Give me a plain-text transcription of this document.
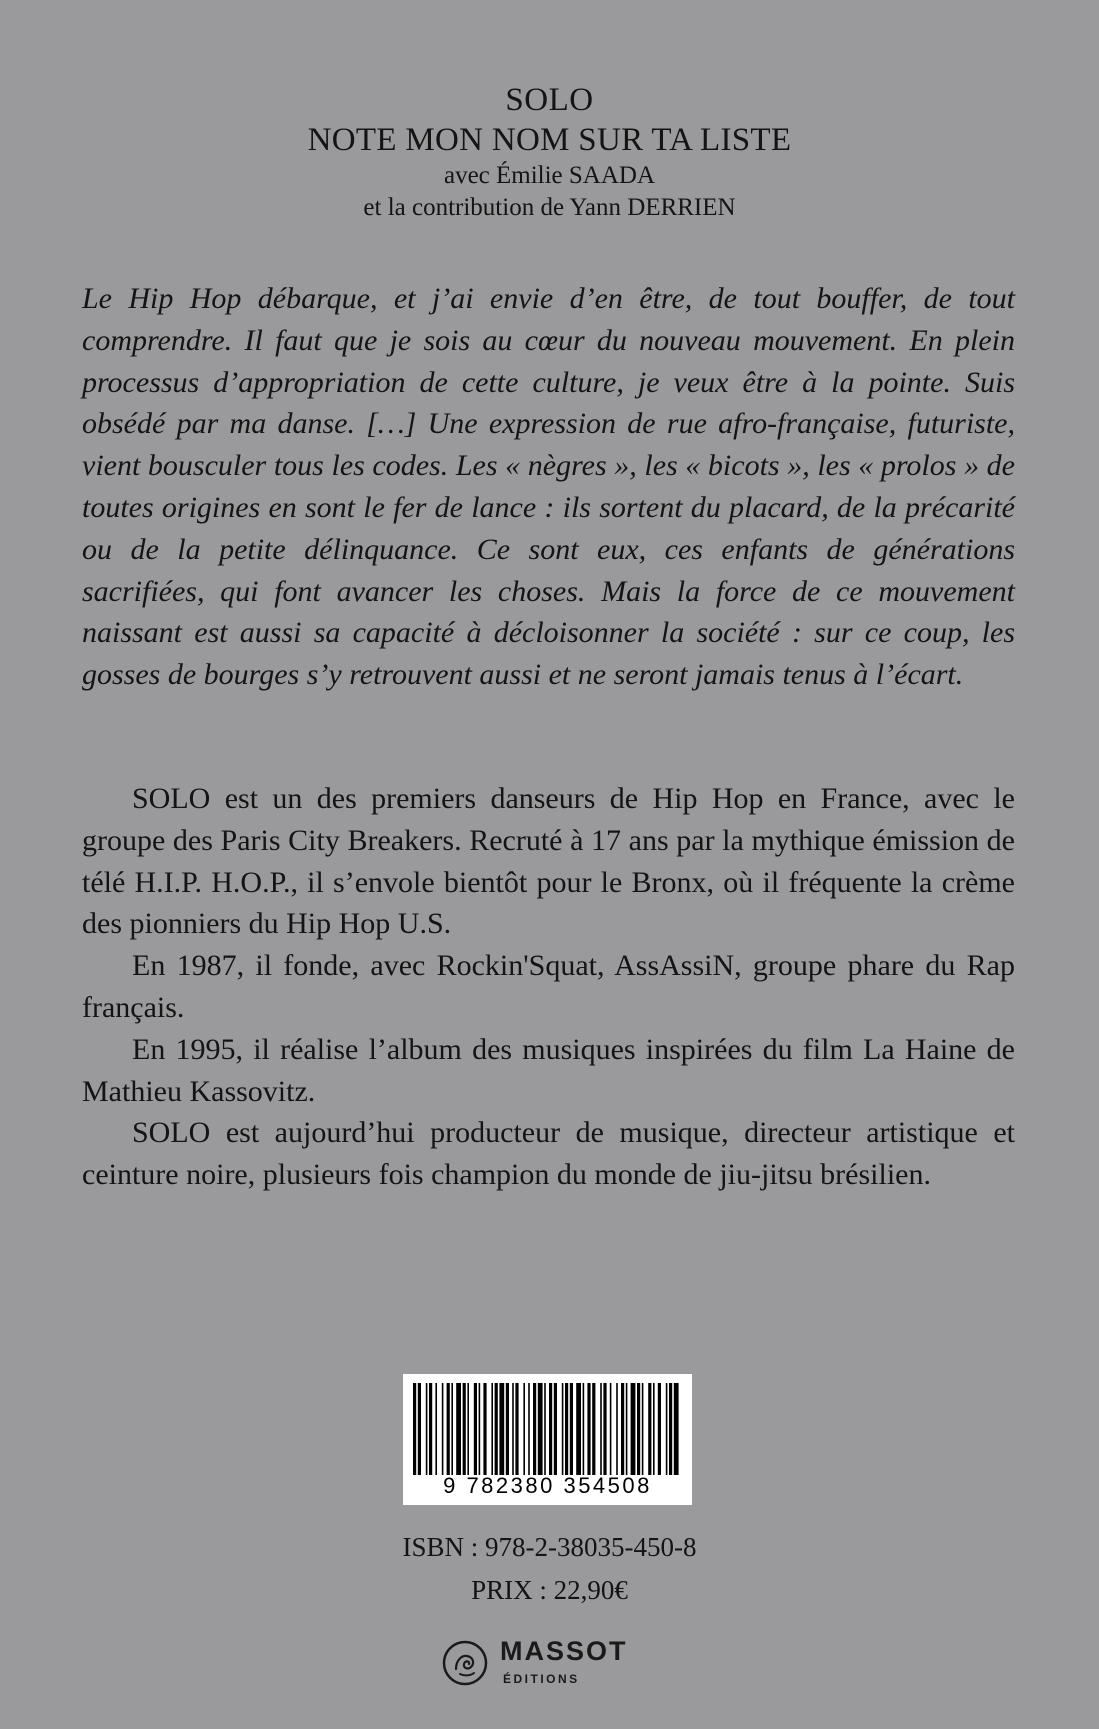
SOLO
NOTE MON NOM SUR TA LISTE
avec Émilie SAADA
et la contribution de Yann DERRIEN

Le Hip Hop débarque, et j’ai envie d’en être, de tout bouffer, de tout comprendre. Il faut que je sois au cœur du nouveau mouvement. En plein processus d’appropriation de cette culture, je veux être à la pointe. Suis obsédé par ma danse. […] Une expression de rue afro-française, futuriste, vient bousculer tous les codes. Les « nègres », les « bicots », les « prolos » de toutes origines en sont le fer de lance : ils sortent du placard, de la précarité ou de la petite délinquance. Ce sont eux, ces enfants de générations sacrifiées, qui font avancer les choses. Mais la force de ce mouvement naissant est aussi sa capacité à décloisonner la société : sur ce coup, les gosses de bourges s’y retrouvent aussi et ne seront jamais tenus à l’écart.

SOLO est un des premiers danseurs de Hip Hop en France, avec le groupe des Paris City Breakers. Recruté à 17 ans par la mythique émission de télé H.I.P. H.O.P., il s’envole bientôt pour le Bronx, où il fréquente la crème des pionniers du Hip Hop U.S.

En 1987, il fonde, avec Rockin'Squat, AssAssiN, groupe phare du Rap français.

En 1995, il réalise l’album des musiques inspirées du film La Haine de Mathieu Kassovitz.

SOLO est aujourd’hui producteur de musique, directeur artistique et ceinture noire, plusieurs fois champion du monde de jiu-jitsu brésilien.

9 782380 354508
ISBN : 978-2-38035-450-8
PRIX : 22,90€
MASSOT
ÉDITIONS
